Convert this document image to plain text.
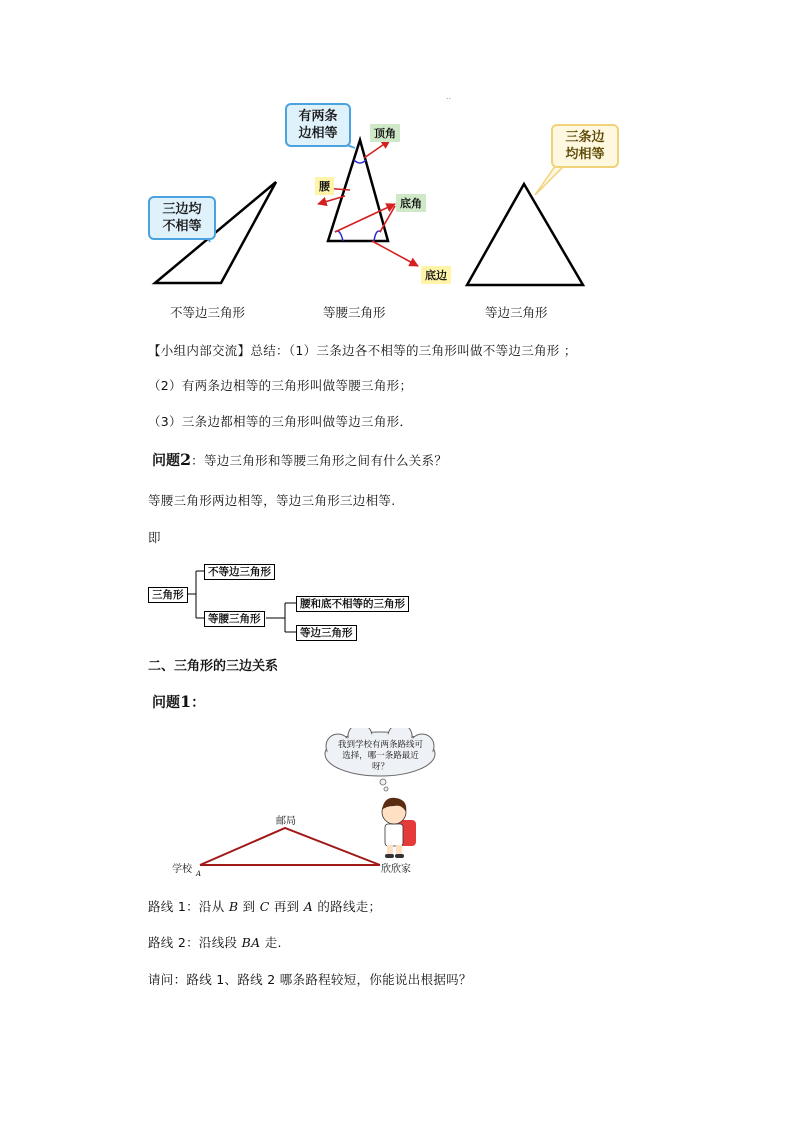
..
三边均
不相等
有两条
边相等	三条边
均相等
顶角
腰
底角
底边
不等边三角形	等腰三角形	等边三角形
【小组内部交流】总结：（1）三条边各不相等的三角形叫做不等边三角形 ；
（2）有两条边相等的三角形叫做等腰三角形；
（3）三条边都相等的三角形叫做等边三角形．
问题2：等边三角形和等腰三角形之间有什么关系？
等腰三角形两边相等，等边三角形三边相等.
即
三角形
不等边三角形
等腰三角形
腰和底不相等的三角形
等边三角形
二、三角形的三边关系
问题1：
我到学校有两条路线可选择，哪一条路最近呀？
邮局
学校	欣欣家
A
路线 1：沿从 B 到 C 再到 A 的路线走；
路线 2：沿线段 BA 走.
请问：路线 1、路线 2 哪条路程较短，你能说出根据吗？
